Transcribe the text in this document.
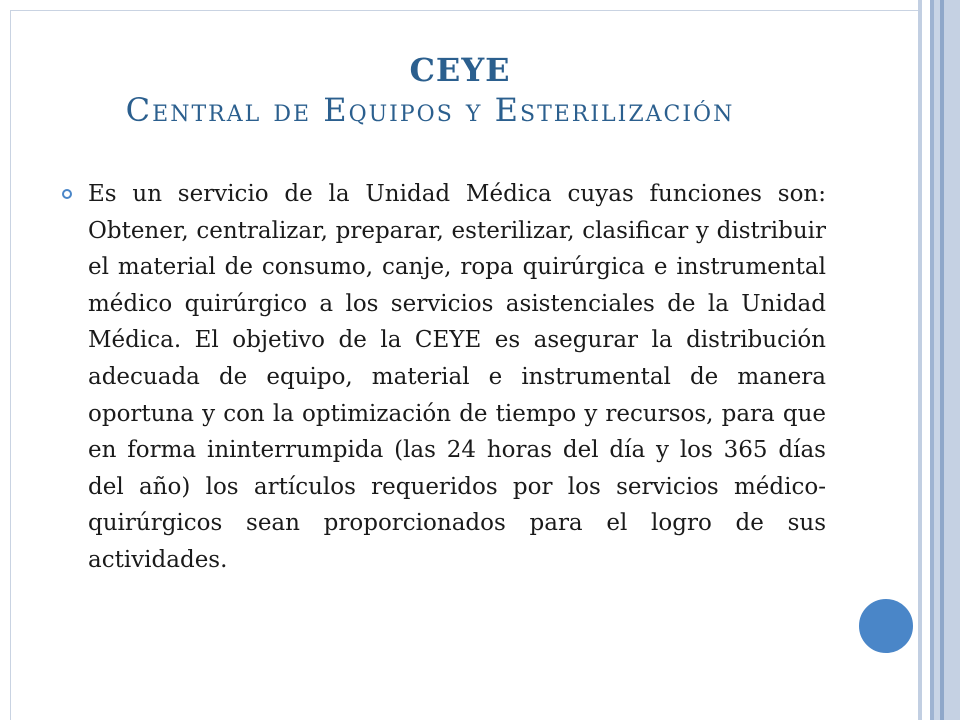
CEYE
Central de Equipos y Esterilización

Es un servicio de la Unidad Médica cuyas funciones son: Obtener, centralizar, preparar, esterilizar, clasificar y distribuir el material de consumo, canje, ropa quirúrgica e instrumental médico quirúrgico a los servicios asistenciales de la Unidad Médica. El objetivo de la CEYE es asegurar la distribución adecuada de equipo, material e instrumental de manera oportuna y con la optimización de tiempo y recursos, para que en forma ininterrumpida (las 24 horas del día y los 365 días del año) los artículos requeridos por los servicios médico-quirúrgicos sean proporcionados para el logro de sus actividades.
